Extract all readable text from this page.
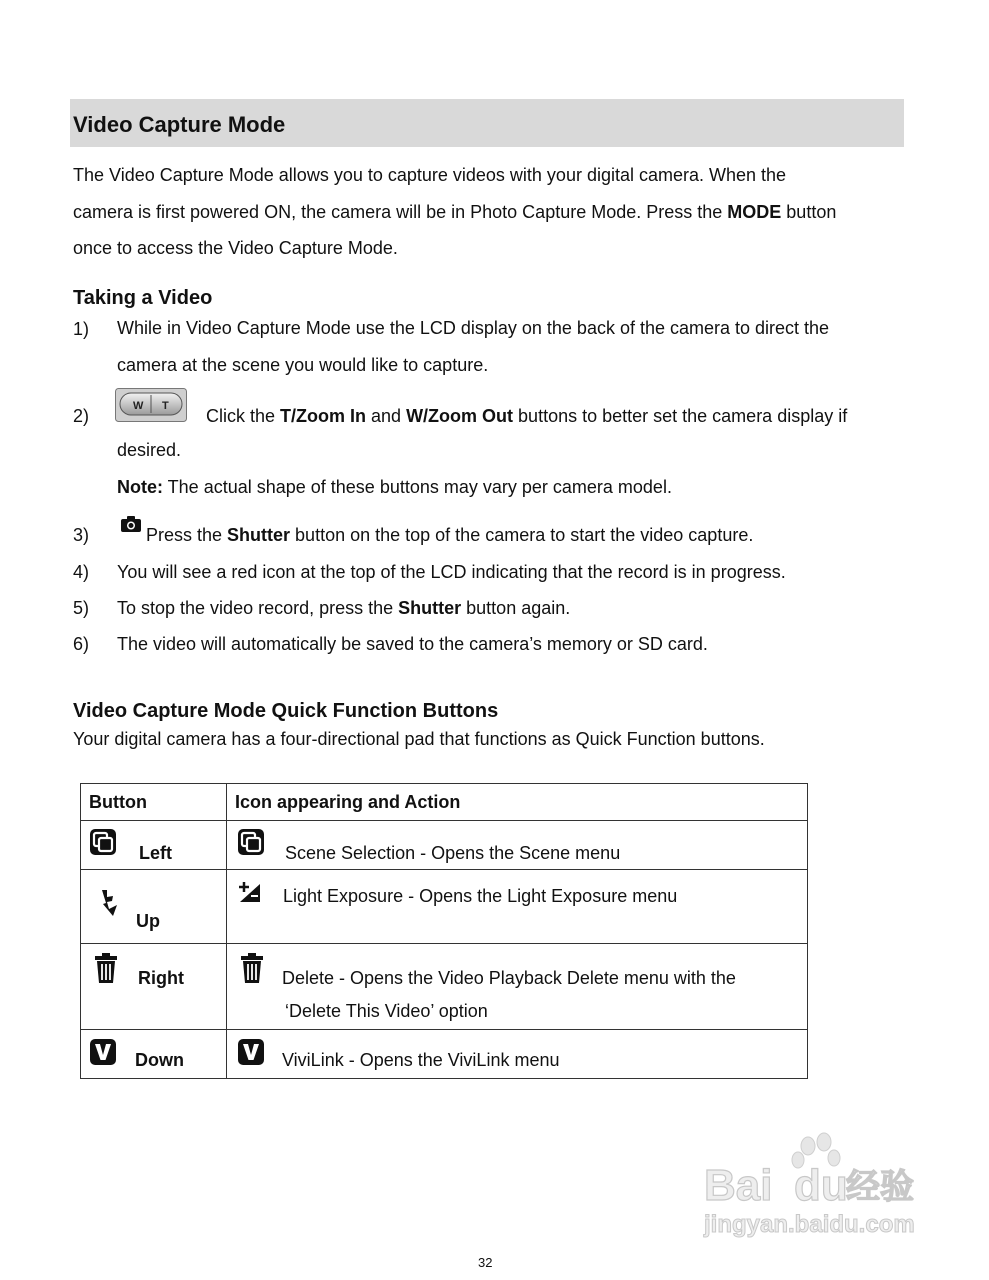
Video Capture Mode
The Video Capture Mode allows you to capture videos with your digital camera. When the
camera is first powered ON, the camera will be in Photo Capture Mode. Press the MODE button
once to access the Video Capture Mode.
Taking a Video
1) While in Video Capture Mode use the LCD display on the back of the camera to direct the
camera at the scene you would like to capture.
2)	W T Click the T/Zoom In and W/Zoom Out buttons to better set the camera display if
desired.
Note: The actual shape of these buttons may vary per camera model.
3)	Press the Shutter button on the top of the camera to start the video capture.
4) You will see a red icon at the top of the LCD indicating that the record is in progress.
5) To stop the video record, press the Shutter button again.
6) The video will automatically be saved to the camera’s memory or SD card.
Video Capture Mode Quick Function Buttons

Your digital camera has a four-directional pad that functions as Quick Function buttons.

Button	Icon appearing and Action

Left	Scene Selection - Opens the Scene menu

Up	Light Exposure - Opens the Light Exposure menu

Right	Delete - Opens the Video Playback Delete menu with the
‘Delete This Video’ option

Down	ViviLink - Opens the ViviLink menu
Bai du
经验
jingyan.baidu.com
32
